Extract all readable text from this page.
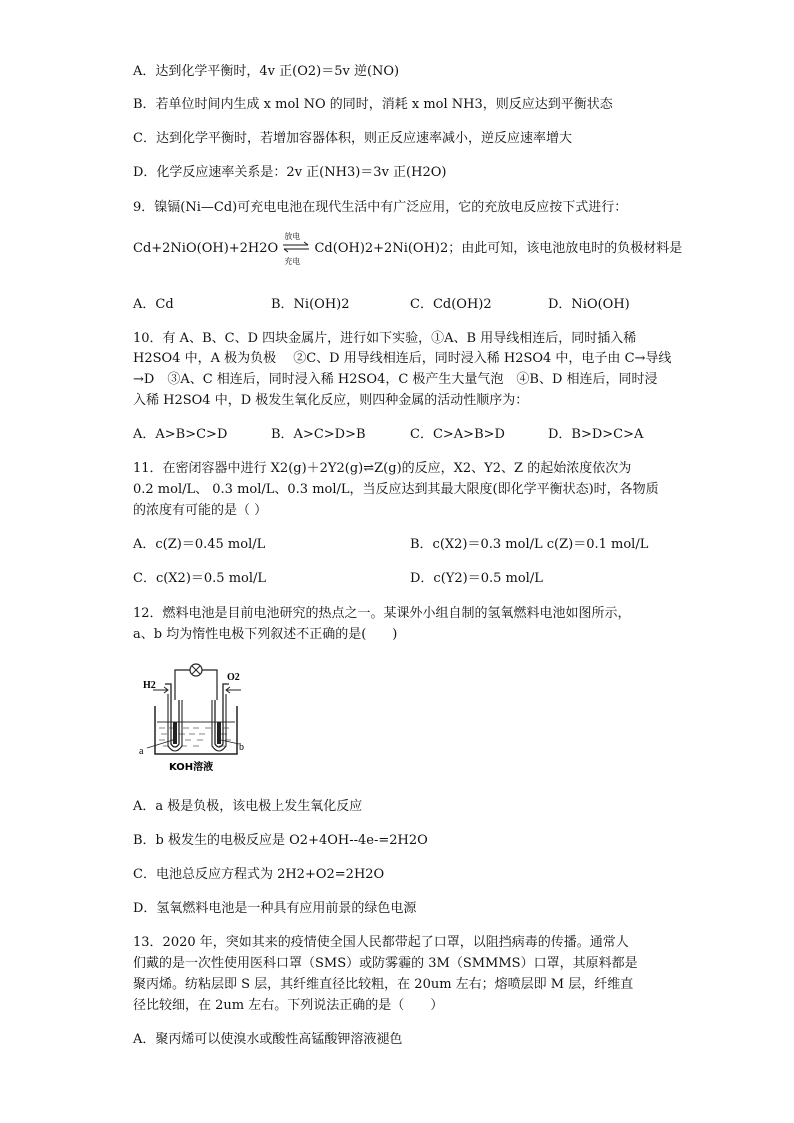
A．达到化学平衡时，4v 正(O2)＝5v 逆(NO)
B．若单位时间内生成 x mol NO 的同时，消耗 x mol NH3，则反应达到平衡状态
C．达到化学平衡时，若增加容器体积，则正反应速率减小，逆反应速率增大
D．化学反应速率关系是：2v 正(NH3)＝3v 正(H2O)
9．镍镉(Ni—Cd)可充电电池在现代生活中有广泛应用，它的充放电反应按下式进行：
Cd+2NiO(OH)+2H2O
放电
充电
Cd(OH)2+2Ni(OH)2；由此可知，该电池放电时的负极材料是
A．Cd	B．Ni(OH)2	C．Cd(OH)2	D．NiO(OH)
10．有 A、B、C、D 四块金属片，进行如下实验，①A、B 用导线相连后，同时插入稀
H2SO4 中，A 极为负极　 ②C、D 用导线相连后，同时浸入稀 H2SO4 中，电子由 C→导线
→D　③A、C 相连后，同时浸入稀 H2SO4，C 极产生大量气泡　④B、D 相连后，同时浸
入稀 H2SO4 中，D 极发生氧化反应，则四种金属的活动性顺序为：
A．A>B>C>D	B．A>C>D>B	C．C>A>B>D	D．B>D>C>A
11．在密闭容器中进行 X2(g)＋2Y2(g)⇌Z(g)的反应，X2、Y2、Z 的起始浓度依次为
0.2 mol/L、 0.3 mol/L、0.3 mol/L，当反应达到其最大限度(即化学平衡状态)时，各物质
的浓度有可能的是（ ）
A．c(Z)＝0.45 mol/L	B．c(X2)＝0.3 mol/L c(Z)＝0.1 mol/L
C．c(X2)＝0.5 mol/L	D．c(Y2)＝0.5 mol/L
12．燃料电池是目前电池研究的热点之一。某课外小组自制的氢氧燃料电池如图所示，
a、b 均为惰性电极下列叙述不正确的是(　　)
H2
O2
a	b
KOH溶液
A．a 极是负极，该电极上发生氧化反应
B．b 极发生的电极反应是 O2+4OH--4e-=2H2O
C．电池总反应方程式为 2H2+O2=2H2O
D．氢氧燃料电池是一种具有应用前景的绿色电源
13．2020 年，突如其来的疫情使全国人民都带起了口罩，以阻挡病毒的传播。通常人
们戴的是一次性使用医科口罩（SMS）或防雾霾的 3M（SMMMS）口罩，其原料都是
聚丙烯。纺粘层即 S 层，其纤维直径比较粗，在 20um 左右；熔喷层即 M 层，纤维直
径比较细，在 2um 左右。下列说法正确的是（　　）
A．聚丙烯可以使溴水或酸性高锰酸钾溶液褪色
